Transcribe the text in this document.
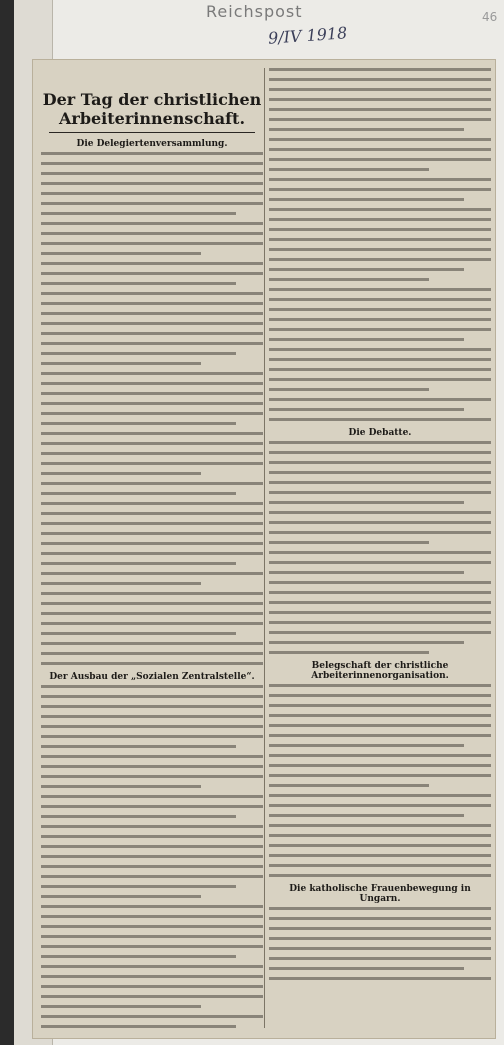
Reichspost
9/IV 1918
46
Der Tag der christlichen Arbeiterinnenschaft.
Die Delegiertenversammlung.
Der Ausbau der „Sozialen Zentralstelle“.
Die Debatte.
Belegschaft der christliche Arbeiterinnenorganisation.
Die katholische Frauenbewegung in Ungarn.
